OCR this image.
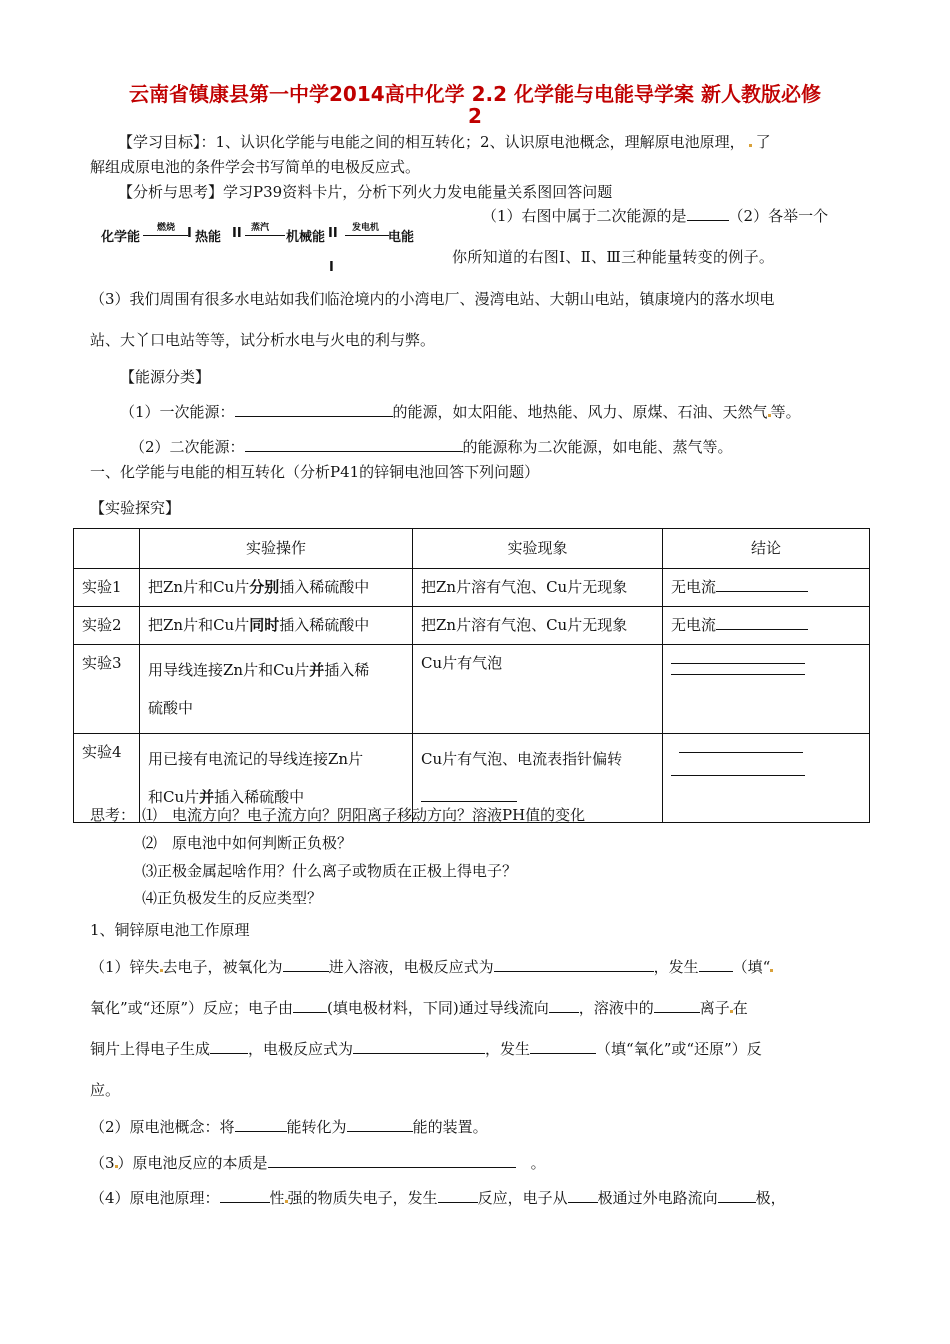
云南省镇康县第一中学2014高中化学 2.2 化学能与电能导学案 新人教版必修
2
【学习目标】：1、认识化学能与电能之间的相互转化；2、认识原电池概念，理解原电池原理， 了
解组成原电池的条件学会书写简单的电极反应式。
【分析与思考】学习P39资料卡片，分析下列火力发电能量关系图回答问题
化学能
燃烧 I 热能 II 蒸汽
机械能 II 发电机
电能
I
（1）右图中属于二次能源的是	（2）各举一个
你所知道的右图Ⅰ、Ⅱ、Ⅲ三种能量转变的例子。
（3）我们周围有很多水电站如我们临沧境内的小湾电厂、漫湾电站、大朝山电站，镇康境内的落水坝电
站、大丫口电站等等，试分析水电与火电的利与弊。
【能源分类】
（1）一次能源：	的能源，如太阳能、地热能、风力、原煤、石油、天然气 等。
（2）二次能源：	的能源称为二次能源，如电能、蒸气等。
一、化学能与电能的相互转化（分析P41的锌铜电池回答下列问题）
【实验探究】
	实验操作	实验现象	结论
实验1	把Zn片和Cu片分别插入稀硫酸中	把Zn片溶有气泡、Cu片无现象	无电流
实验2	把Zn片和Cu片同时插入稀硫酸中	把Zn片溶有气泡、Cu片无现象	无电流
实验3	用导线连接Zn片和Cu片并插入稀
硫酸中	Cu片有气泡	

实验4	用已接有电流记的导线连接Zn片
和Cu片并插入稀硫酸中	Cu片有气泡、电流表指针偏转

思考： ⑴　电流方向？电子流方向？阴阳离子移动方向？溶液PH值的变化
⑵　原电池中如何判断正负极？
⑶正极金属起啥作用？什么离子或物质在正极上得电子？
⑷正负极发生的反应类型？
1、铜锌原电池工作原理
（1）锌失 去电子，被氧化为	进入溶液，电极反应式为	，发生 （填“
氧化”或“还原”）反应；电子由 (填电极材料，下同)通过导线流向 ，溶液中的	离子 在
铜片上得电子生成	，电极反应式为	，发生	（填“氧化”或“还原”）反
应。
（2）原电池概念：将	能转化为	能的装置。
（3 ）原电池反应的本质是　	。
（4）原电池原理：	性 强的物质失电子，发生	反应，电子从 极通过外电路流向	极，
